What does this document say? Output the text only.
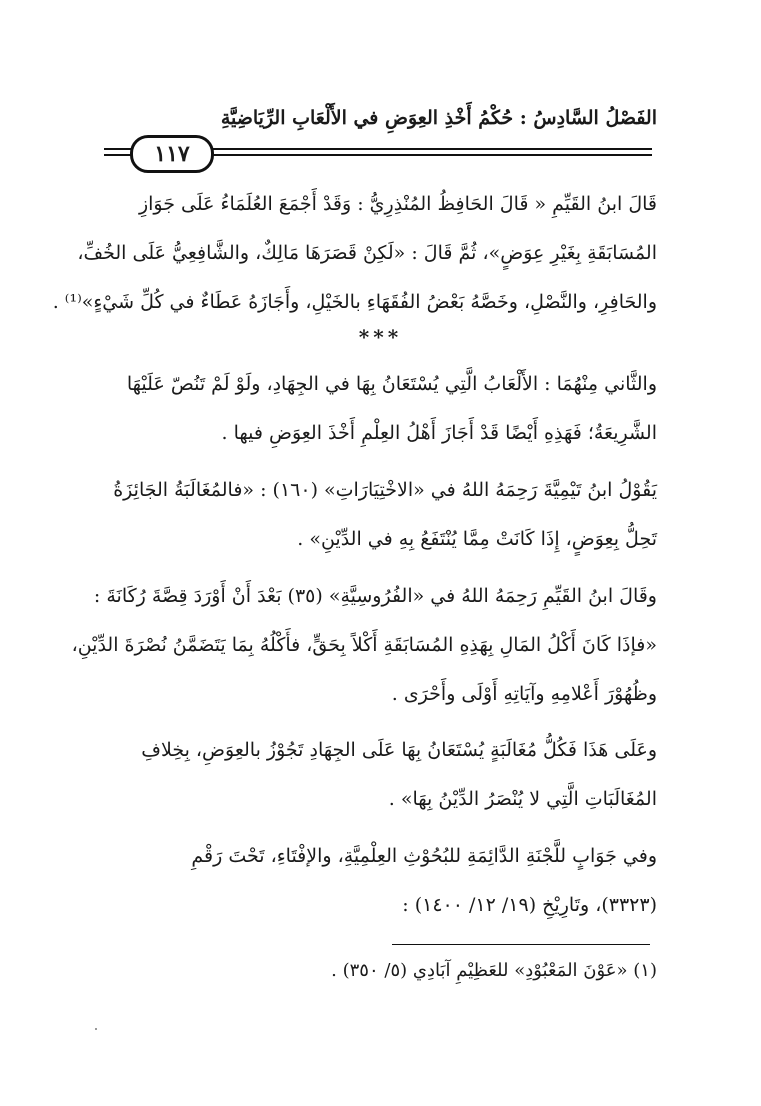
الفَصْلُ السَّادِسُ : حُكْمُ أَخْذِ العِوَضِ في الأَلْعَابِ الرِّيَاضِيَّةِ
١١٧
قَالَ ابنُ القَيِّمِ « قَالَ الحَافِظُ المُنْذِرِيُّ : وَقَدْ أَجْمَعَ العُلَمَاءُ عَلَى جَوَازِ
المُسَابَقَةِ بِغَيْرِ عِوَضٍ»، ثُمَّ قَالَ : «لَكِنْ قَصَرَهَا مَالِكٌ، والشَّافِعِيُّ عَلَى الخُفِّ،
والحَافِرِ، والنَّصْلِ، وخَصَّهُ بَعْضُ الفُقَهَاءِ بالخَيْلِ، وأَجَازَهُ عَطَاءٌ في كُلِّ شَيْءٍ»⁽¹⁾ .
***
والثَّاني مِنْهُمَا : الأَلْعَابُ الَّتِي يُسْتَعَانُ بِهَا في الجِهَادِ، ولَوْ لَمْ تَنُصّ عَلَيْهَا
الشَّرِيعَةُ؛ فَهَذِهِ أَيْضًا قَدْ أَجَازَ أَهْلُ العِلْمِ أَخْذَ العِوَضِ فيها .
يَقُوْلُ ابنُ تَيْمِيَّةَ رَحِمَهُ اللهُ في «الاخْتِيَارَاتِ» (١٦٠) : «فالمُغَالَبَةُ الجَائِزَةُ
تَحِلُّ بِعِوَضٍ، إِذَا كَانَتْ مِمَّا يُنْتَفَعُ بِهِ في الدِّيْنِ» .
وقَالَ ابنُ القَيِّمِ رَحِمَهُ اللهُ في «الفُرُوسِيَّةِ» (٣٥) بَعْدَ أَنْ أَوْرَدَ قِصَّةَ رُكَانَةَ :
«فإذَا كَانَ أَكْلُ المَالِ بِهَذِهِ المُسَابَقَةِ أَكْلاً بِحَقٍّ، فأَكْلُهُ بِمَا يَتَضَمَّنُ نُصْرَةَ الدِّيْنِ،
وظُهُوْرَ أَعْلامِهِ وآيَاتِهِ أَوْلَى وأَحْرَى .
وعَلَى هَذَا فَكُلُّ مُغَالَبَةٍ يُسْتَعَانُ بِهَا عَلَى الجِهَادِ تَجُوْزُ بالعِوَضِ، بِخِلافِ
المُغَالَبَاتِ الَّتِي لا يُنْصَرُ الدِّيْنُ بِهَا» .
وفي جَوَابٍ للَّجْنَةِ الدَّائِمَةِ للبُحُوْثِ العِلْمِيَّةِ، والإفْتَاءِ، تَحْتَ رَقْمِ
(٣٣٢٣)، وتَارِيْخِ (١٩/ ١٢/ ١٤٠٠) :
(١) «عَوْنَ المَعْبُوْدِ» للعَظِيْمِ آبَادِي (٥/ ٣٥٠) .
